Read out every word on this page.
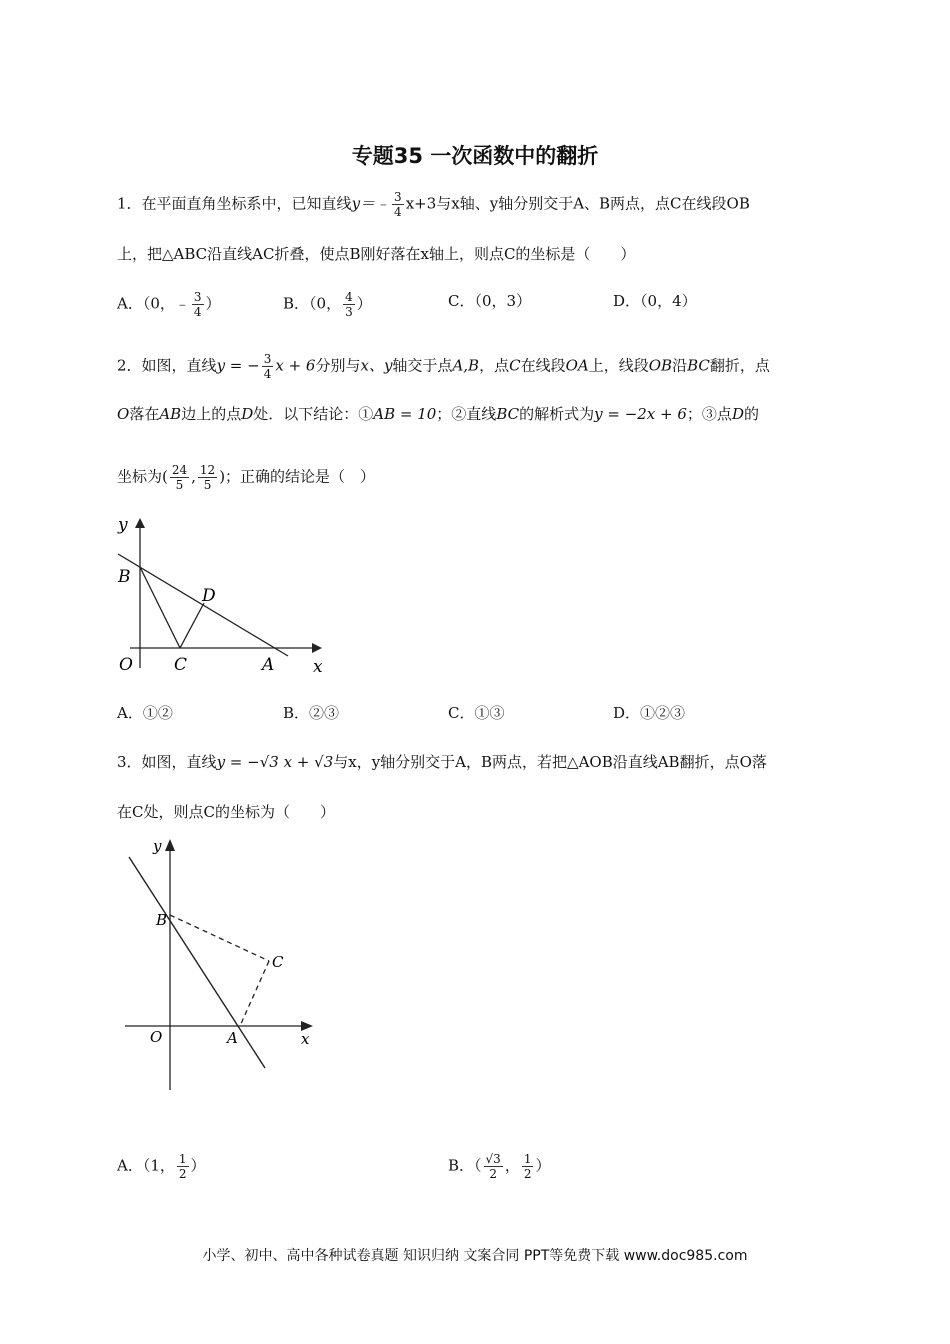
专题35 一次函数中的翻折
1．在平面直角坐标系中，已知直线y＝﹣ $\frac{3}{4} x+3$与x轴、y轴分别交于A、B两点，点C在线段OB
上，把△ABC沿直线AC折叠，使点B刚好落在x轴上，则点C的坐标是（　　）
A．（0，﹣ $\frac{3}{4}$ ）	B．（0， $\frac{4}{3}$ ）	C．（0，3）	D．（0，4）
2．如图，直线y = − $\frac{3}{4}$ x + 6分别与x、y轴交于点A,B，点C在线段OA上，线段OB沿BC翻折，点
O落在AB边上的点D处．以下结论：①AB = 10；②直线BC的解析式为y = −2x + 6；③点D的
坐标为( $\frac{24}{5}$ , $\frac{12}{5}$ )；正确的结论是（　）
y
B
D
O C	A x
A．①②	B．②③	C．①③	D．①②③
3．如图，直线y = −√3 x + √3与x，y轴分别交于A，B两点，若把△AOB沿直线AB翻折，点O落
在C处，则点C的坐标为（　　）
y
B
C
O	A	x
A．（1， $\frac{1}{2}$ ）	B．（ $\frac{√3}{2}$ ， $\frac{1}{2}$ ）
小学、初中、高中各种试卷真题 知识归纳 文案合同 PPT等免费下载 www.doc985.com
